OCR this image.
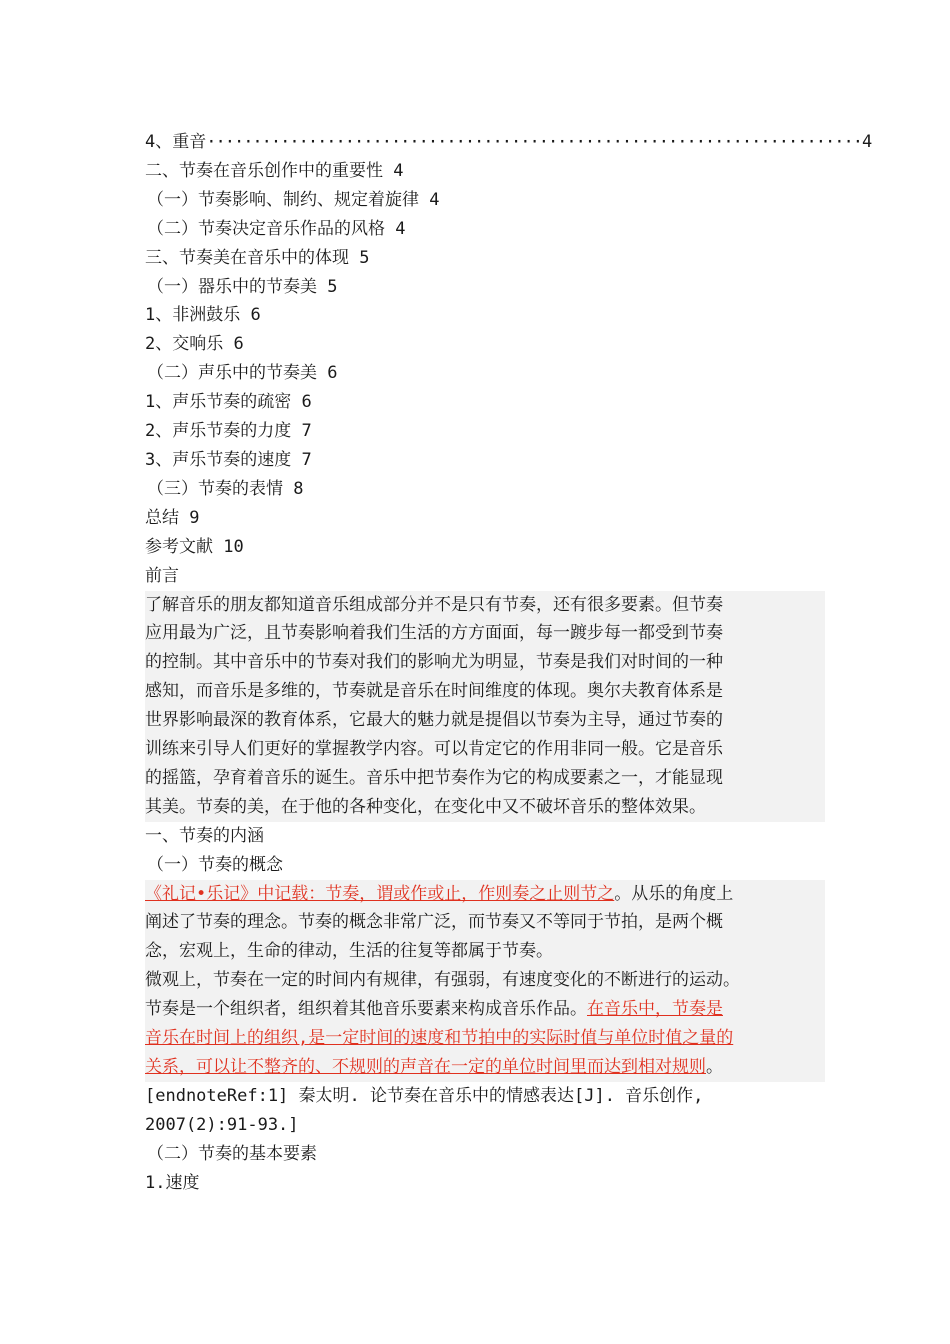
4、重音·······································································4
二、节奏在音乐创作中的重要性 4
（一）节奏影响、制约、规定着旋律 4
（二）节奏决定音乐作品的风格 4
三、节奏美在音乐中的体现 5
（一）器乐中的节奏美 5
1、非洲鼓乐 6
2、交响乐 6
（二）声乐中的节奏美 6
1、声乐节奏的疏密 6
2、声乐节奏的力度 7
3、声乐节奏的速度 7
（三）节奏的表情 8
总结 9
参考文献 10
前言
了解音乐的朋友都知道音乐组成部分并不是只有节奏，还有很多要素。但节奏
应用最为广泛，且节奏影响着我们生活的方方面面，每一踱步每一都受到节奏
的控制。其中音乐中的节奏对我们的影响尤为明显，节奏是我们对时间的一种
感知，而音乐是多维的，节奏就是音乐在时间维度的体现。奥尔夫教育体系是
世界影响最深的教育体系，它最大的魅力就是提倡以节奏为主导，通过节奏的
训练来引导人们更好的掌握教学内容。可以肯定它的作用非同一般。它是音乐
的摇篮，孕育着音乐的诞生。音乐中把节奏作为它的构成要素之一，才能显现
其美。节奏的美，在于他的各种变化，在变化中又不破坏音乐的整体效果。
一、节奏的内涵
（一）节奏的概念
《礼记•乐记》中记载：节奏，谓或作或止，作则奏之止则节之。从乐的角度上
阐述了节奏的理念。节奏的概念非常广泛，而节奏又不等同于节拍，是两个概
念，宏观上，生命的律动，生活的往复等都属于节奏。
微观上，节奏在一定的时间内有规律，有强弱，有速度变化的不断进行的运动。
节奏是一个组织者，组织着其他音乐要素来构成音乐作品。在音乐中，节奏是
音乐在时间上的组织,是一定时间的速度和节拍中的实际时值与单位时值之量的
关系，可以让不整齐的、不规则的声音在一定的单位时间里而达到相对规则。
[endnoteRef:1] 秦太明. 论节奏在音乐中的情感表达[J]. 音乐创作,
2007(2):91-93.]
（二）节奏的基本要素
1.速度
